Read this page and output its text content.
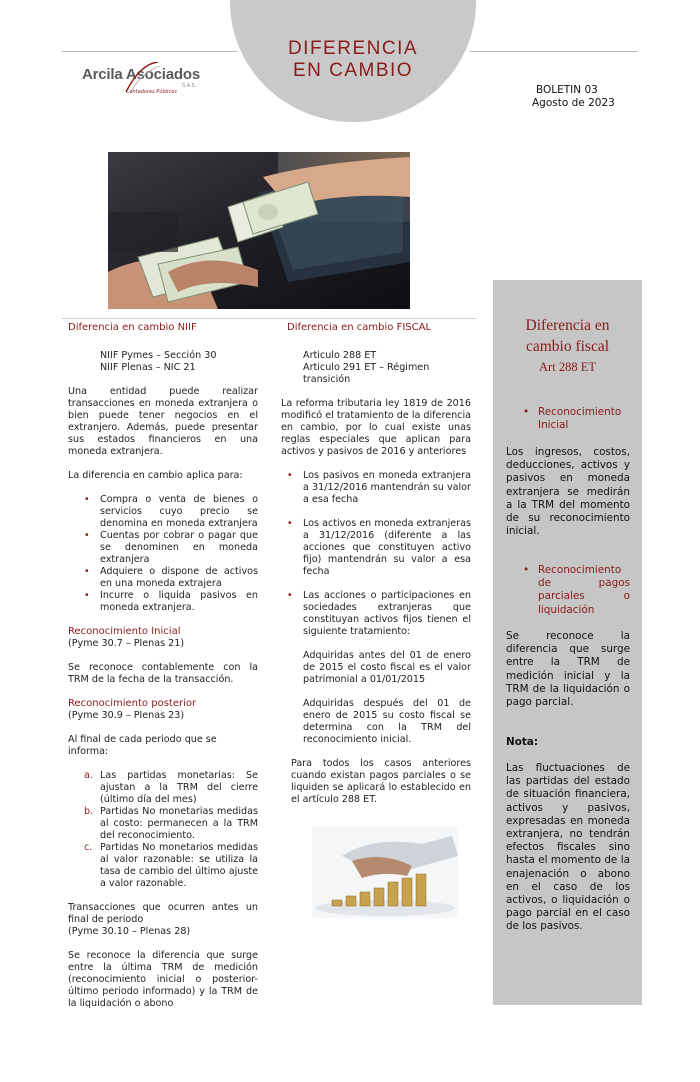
DIFERENCIA
EN CAMBIO
Arcila Asociados
S.A.S.
Contadores Públicos	BOLETIN 03
Agosto de 2023

Diferencia en cambio NIIF

NIIF Pymes – Sección 30

NIIF Plenas – NIC 21

Una entidad puede realizar transacciones en moneda extranjera o bien puede tener negocios en el extranjero. Además, puede presentar sus estados financieros en una moneda extranjera.

La diferencia en cambio aplica para:

• Compra o venta de bienes o servicios cuyo precio se denomina en moneda extranjera
• Cuentas por cobrar o pagar que se denominen en moneda extranjera
• Adquiere o dispone de activos en una moneda extrajera
• Incurre o liquida pasivos en moneda extranjera.
Reconocimiento Inicial

(Pyme 30.7 – Plenas 21)

Se reconoce contablemente con la TRM de la fecha de la transacción.

Reconocimiento posterior

(Pyme 30.9 – Plenas 23)

Al final de cada periodo que se informa:

a. Las partidas monetarias: Se ajustan a la TRM del cierre (último día del mes)
b. Partidas No monetarias medidas al costo: permanecen a la TRM del reconocimiento.
c. Partidas No monetarios medidas al valor razonable: se utiliza la tasa de cambio del último ajuste a valor razonable.
Transacciones que ocurren antes un final de periodo

(Pyme 30.10 – Plenas 28)

Se reconoce la diferencia que surge entre la última TRM de medición (reconocimiento inicial o posterior- último periodo informado) y la TRM de la liquidación o abono

Diferencia en cambio FISCAL

Articulo 288 ET

Articulo 291 ET – Régimen transición

La reforma tributaria ley 1819 de 2016 modificó el tratamiento de la diferencia en cambio, por lo cual existe unas reglas especiales que aplican para activos y pasivos de 2016 y anteriores

• Los pasivos en moneda extranjera a 31/12/2016 mantendrán su valor a esa fecha
• Los activos en moneda extranjeras a 31/12/2016 (diferente a las acciones que constituyen activo fijo) mantendrán su valor a esa fecha
• Las acciones o participaciones en sociedades extranjeras que constituyan activos fijos tienen el siguiente tratamiento:

Adquiridas antes del 01 de enero de 2015 el costo fiscal es el valor patrimonial a 01/01/2015

Adquiridas después del 01 de enero de 2015 su costo fiscal se determina con la TRM del reconocimiento inicial.

Para todos los casos anteriores cuando existan pagos parciales o se liquiden se aplicará lo establecido en el artículo 288 ET.

Diferencia en
cambio fiscal
Art 288 ET
• Reconocimiento Inicial
Los ingresos, costos, deducciones, activos y pasivos en moneda extranjera se medirán a la TRM del momento de su reconocimiento inicial.
• Reconocimiento de pagos parciales o liquidación
Se reconoce la diferencia que surge entre la TRM de medición inicial y la TRM de la liquidación o pago parcial.
Nota:
Las fluctuaciones de las partidas del estado de situación financiera, activos y pasivos, expresadas en moneda extranjera, no tendrán efectos fiscales sino hasta el momento de la enajenación o abono en el caso de los activos, o liquidación o pago parcial en el caso de los pasivos.
